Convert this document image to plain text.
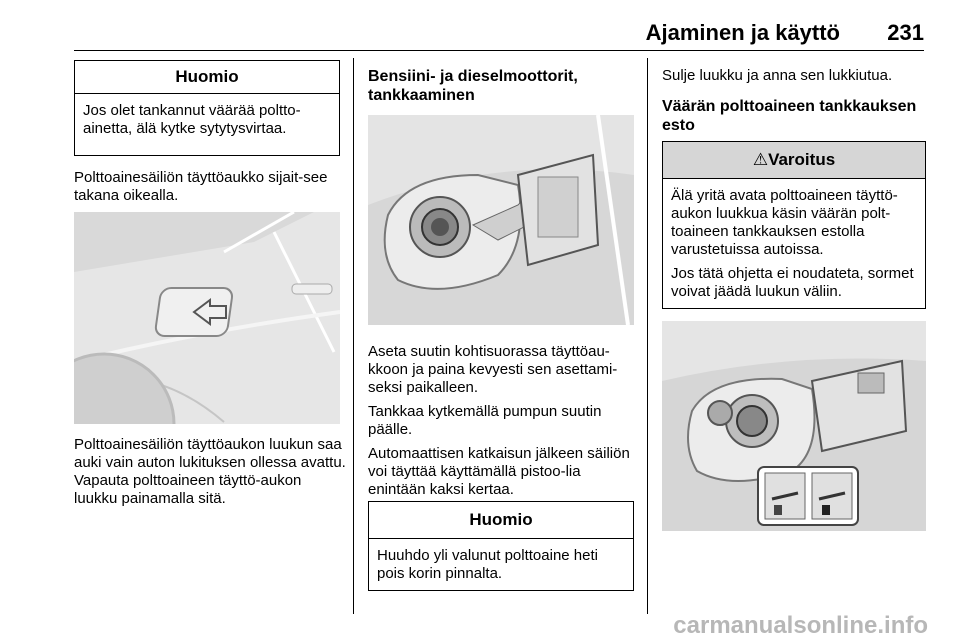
Ajaminen ja käyttö 231
Huomio

Jos olet tankannut väärää poltto-ainetta, älä kytke sytytysvirtaa.

Polttoainesäiliön täyttöaukko sijait-see takana oikealla.

Polttoainesäiliön täyttöaukon luukun saa auki vain auton lukituksen ollessa avattu. Vapauta polttoaineen täyttö-aukon luukku painamalla sitä.

Bensiini- ja dieselmoottorit, tankkaaminen

Aseta suutin kohtisuorassa täyttöau-kkoon ja paina kevyesti sen asettami-seksi paikalleen.

Tankkaa kytkemällä pumpun suutin päälle.

Automaattisen katkaisun jälkeen säiliön voi täyttää käyttämällä pistoo-lia enintään kaksi kertaa.

Huomio

Huuhdo yli valunut polttoaine heti pois korin pinnalta.

Sulje luukku ja anna sen lukkiutua.

Väärän polttoaineen tankkauksen esto
⚠Varoitus

Älä yritä avata polttoaineen täyttö-aukon luukkua käsin väärän polt-toaineen tankkauksen estolla varustetuissa autoissa.

Jos tätä ohjetta ei noudateta, sormet voivat jäädä luukun väliin.

carmanualsonline.info
